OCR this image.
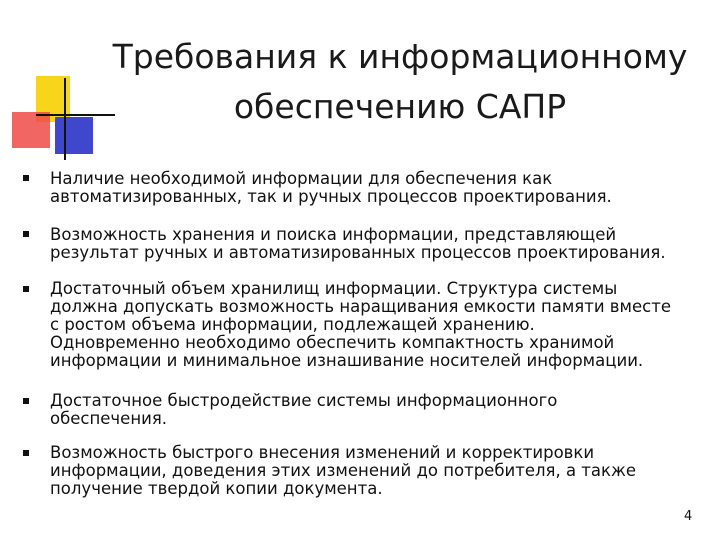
Требования к информационному
обеспечению САПР
Наличие необходимой информации для обеспечения как
автоматизированных, так и ручных процессов проектирования.
Возможность хранения и поиска информации, представляющей
результат ручных и автоматизированных процессов проектирования.
Достаточный объем хранилищ информации. Структура системы
должна допускать возможность наращивания емкости памяти вместе
с ростом объема информации, подлежащей хранению.
Одновременно необходимо обеспечить компактность хранимой
информации и минимальное изнашивание носителей информации.
Достаточное быстродействие системы информационного
обеспечения.
Возможность быстрого внесения изменений и корректировки
информации, доведения этих изменений до потребителя, а также
получение твердой копии документа.
4
